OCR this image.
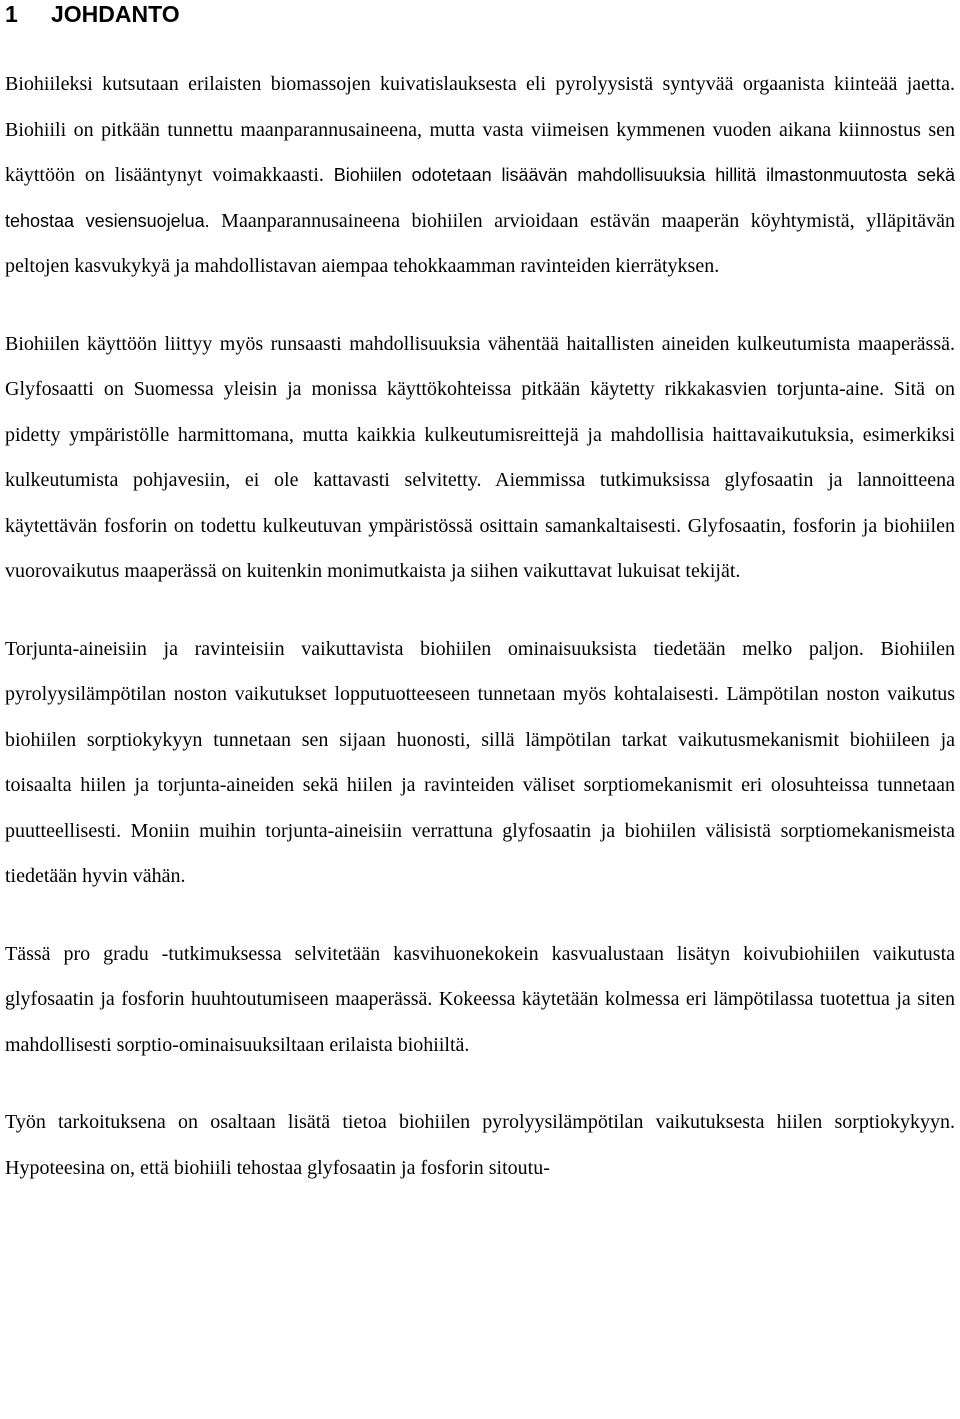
1 JOHDANTO

Biohiileksi kutsutaan erilaisten biomassojen kuivatislauksesta eli pyrolyysistä syntyvää orgaanista kiinteää jaetta. Biohiili on pitkään tunnettu maanparannusaineena, mutta vasta viimeisen kymmenen vuoden aikana kiinnostus sen käyttöön on lisääntynyt voimakkaasti. Biohiilen odotetaan lisäävän mahdollisuuksia hillitä ilmastonmuutosta sekä tehostaa vesiensuojelua. Maanparannusaineena biohiilen arvioidaan estävän maaperän köyhtymistä, ylläpitävän peltojen kasvukykyä ja mahdollistavan aiempaa tehokkaamman ravinteiden kierrätyksen.

Biohiilen käyttöön liittyy myös runsaasti mahdollisuuksia vähentää haitallisten aineiden kulkeutumista maaperässä. Glyfosaatti on Suomessa yleisin ja monissa käyttökohteissa pitkään käytetty rikkakasvien torjunta-aine. Sitä on pidetty ympäristölle harmittomana, mutta kaikkia kulkeutumisreittejä ja mahdollisia haittavaikutuksia, esimerkiksi kulkeutumista pohjavesiin, ei ole kattavasti selvitetty. Aiemmissa tutkimuksissa glyfosaatin ja lannoitteena käytettävän fosforin on todettu kulkeutuvan ympäristössä osittain samankaltaisesti. Glyfosaatin, fosforin ja biohiilen vuorovaikutus maaperässä on kuitenkin monimutkaista ja siihen vaikuttavat lukuisat tekijät.

Torjunta-aineisiin ja ravinteisiin vaikuttavista biohiilen ominaisuuksista tiedetään melko paljon. Biohiilen pyrolyysilämpötilan noston vaikutukset lopputuotteeseen tunnetaan myös kohtalaisesti. Lämpötilan noston vaikutus biohiilen sorptiokykyyn tunnetaan sen sijaan huonosti, sillä lämpötilan tarkat vaikutusmekanismit biohiileen ja toisaalta hiilen ja torjunta-aineiden sekä hiilen ja ravinteiden väliset sorptiomekanismit eri olosuhteissa tunnetaan puutteellisesti. Moniin muihin torjunta-aineisiin verrattuna glyfosaatin ja biohiilen välisistä sorptiomekanismeista tiedetään hyvin vähän.

Tässä pro gradu -tutkimuksessa selvitetään kasvihuonekokein kasvualustaan lisätyn koivubiohiilen vaikutusta glyfosaatin ja fosforin huuhtoutumiseen maaperässä. Kokeessa käytetään kolmessa eri lämpötilassa tuotettua ja siten mahdollisesti sorptio-ominaisuuksiltaan erilaista biohiiltä.

Työn tarkoituksena on osaltaan lisätä tietoa biohiilen pyrolyysilämpötilan vaikutuksesta hiilen sorptiokykyyn. Hypoteesina on, että biohiili tehostaa glyfosaatin ja fosforin sitoutu-
